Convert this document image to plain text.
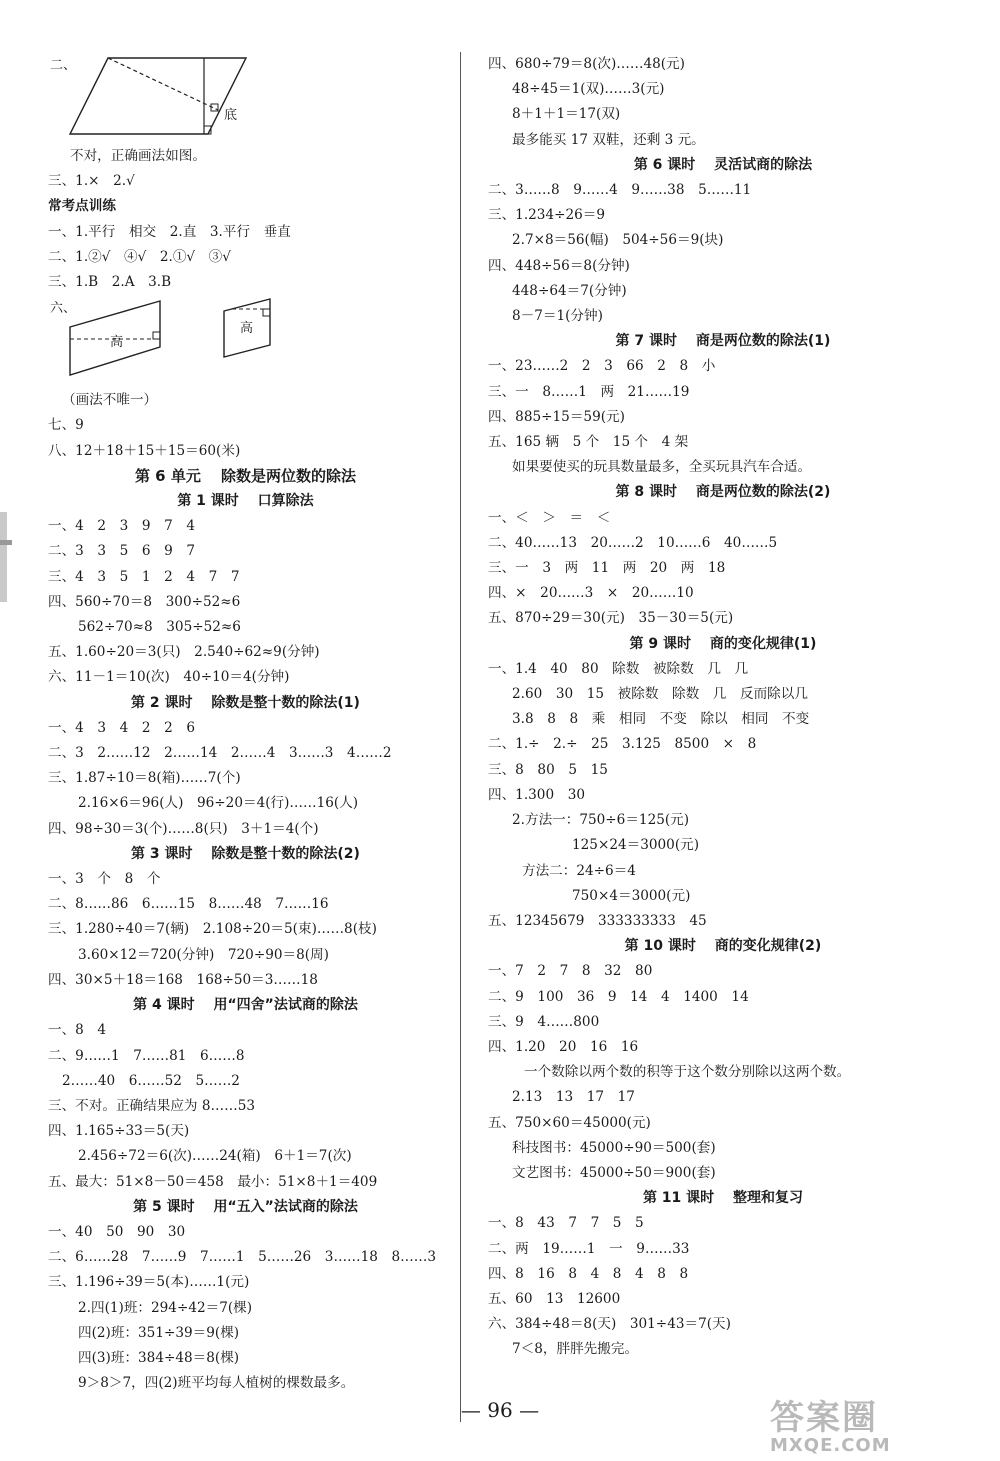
二、
底

不对，正确画法如图。

三、1.×　2.√

常考点训练

一、1.平行　相交　2.直　3.平行　垂直

二、1.②√　④√　2.①√　③√

三、1.B　2.A　3.B

六、
高
高

（画法不唯一）

七、9

八、12＋18＋15＋15＝60(米)

第 6 单元　 除数是两位数的除法
第 1 课时　 口算除法

一、4　2　3　9　7　4

二、3　3　5　6　9　7

三、4　3　5　1　2　4　7　7

四、560÷70＝8　300÷52≈6

562÷70≈8　305÷52≈6

五、1.60÷20＝3(只)　2.540÷62≈9(分钟)

六、11－1＝10(次)　40÷10＝4(分钟)

第 2 课时　 除数是整十数的除法(1)

一、4　3　4　2　2　6

二、3　2……12　2……14　2……4　3……3　4……2

三、1.87÷10＝8(箱)……7(个)

2.16×6＝96(人)　96÷20＝4(行)……16(人)

四、98÷30＝3(个)……8(只)　3＋1＝4(个)

第 3 课时　 除数是整十数的除法(2)

一、3　个　8　个

二、8……86　6……15　8……48　7……16

三、1.280÷40＝7(辆)　2.108÷20＝5(束)……8(枝)

3.60×12＝720(分钟)　720÷90＝8(周)

四、30×5＋18＝168　168÷50＝3……18

第 4 课时　 用“四舍”法试商的除法

一、8　4

二、9……1　7……81　6……8

2……40　6……52　5……2

三、不对。正确结果应为 8……53

四、1.165÷33＝5(天)

2.456÷72＝6(次)……24(箱)　6＋1＝7(次)

五、最大：51×8－50＝458　最小：51×8＋1＝409

第 5 课时　 用“五入”法试商的除法

一、40　50　90　30

二、6……28　7……9　7……1　5……26　3……18　8……3

三、1.196÷39＝5(本)……1(元)

2.四(1)班：294÷42＝7(棵)

四(2)班：351÷39＝9(棵)

四(3)班：384÷48＝8(棵)

9＞8＞7，四(2)班平均每人植树的棵数最多。

四、680÷79＝8(次)……48(元)

48÷45＝1(双)……3(元)

8＋1＋1＝17(双)

最多能买 17 双鞋，还剩 3 元。

第 6 课时　 灵活试商的除法

二、3……8　9……4　9……38　5……11

三、1.234÷26＝9

2.7×8＝56(幅)　504÷56＝9(块)

四、448÷56＝8(分钟)

448÷64＝7(分钟)

8－7＝1(分钟)

第 7 课时　 商是两位数的除法(1)

一、23……2　2　3　66　2　8　小

三、一　8……1　两　21……19

四、885÷15＝59(元)

五、165 辆　5 个　15 个　4 架

如果要使买的玩具数量最多，全买玩具汽车合适。

第 8 课时　 商是两位数的除法(2)

一、＜　＞　＝　＜

二、40……13　20……2　10……6　40……5

三、一　3　两　11　两　20　两　18

四、×　20……3　×　20……10

五、870÷29＝30(元)　35－30＝5(元)

第 9 课时　 商的变化规律(1)

一、1.4　40　80　除数　被除数　几　几

2.60　30　15　被除数　除数　几　反而除以几

3.8　8　8　乘　相同　不变　除以　相同　不变

二、1.÷　2.÷　25　3.125　8500　×　8

三、8　80　5　15

四、1.300　30

2.方法一：750÷6＝125(元)

125×24＝3000(元)

方法二：24÷6＝4

750×4＝3000(元)

五、12345679　333333333　45

第 10 课时　 商的变化规律(2)

一、7　2　7　8　32　80

二、9　100　36　9　14　4　1400　14

三、9　4……800

四、1.20　20　16　16

一个数除以两个数的积等于这个数分别除以这两个数。

2.13　13　17　17

五、750×60＝45000(元)

科技图书：45000÷90＝500(套)

文艺图书：45000÷50＝900(套)

第 11 课时　 整理和复习

一、8　43　7　7　5　5

二、两　19……1　一　9……33

四、8　16　8　4　8　4　8　8

五、60　13　12600

六、384÷48＝8(天)　301÷43＝7(天)

7＜8，胖胖先搬完。

— 96 —	答案圈
MXQE.COM
